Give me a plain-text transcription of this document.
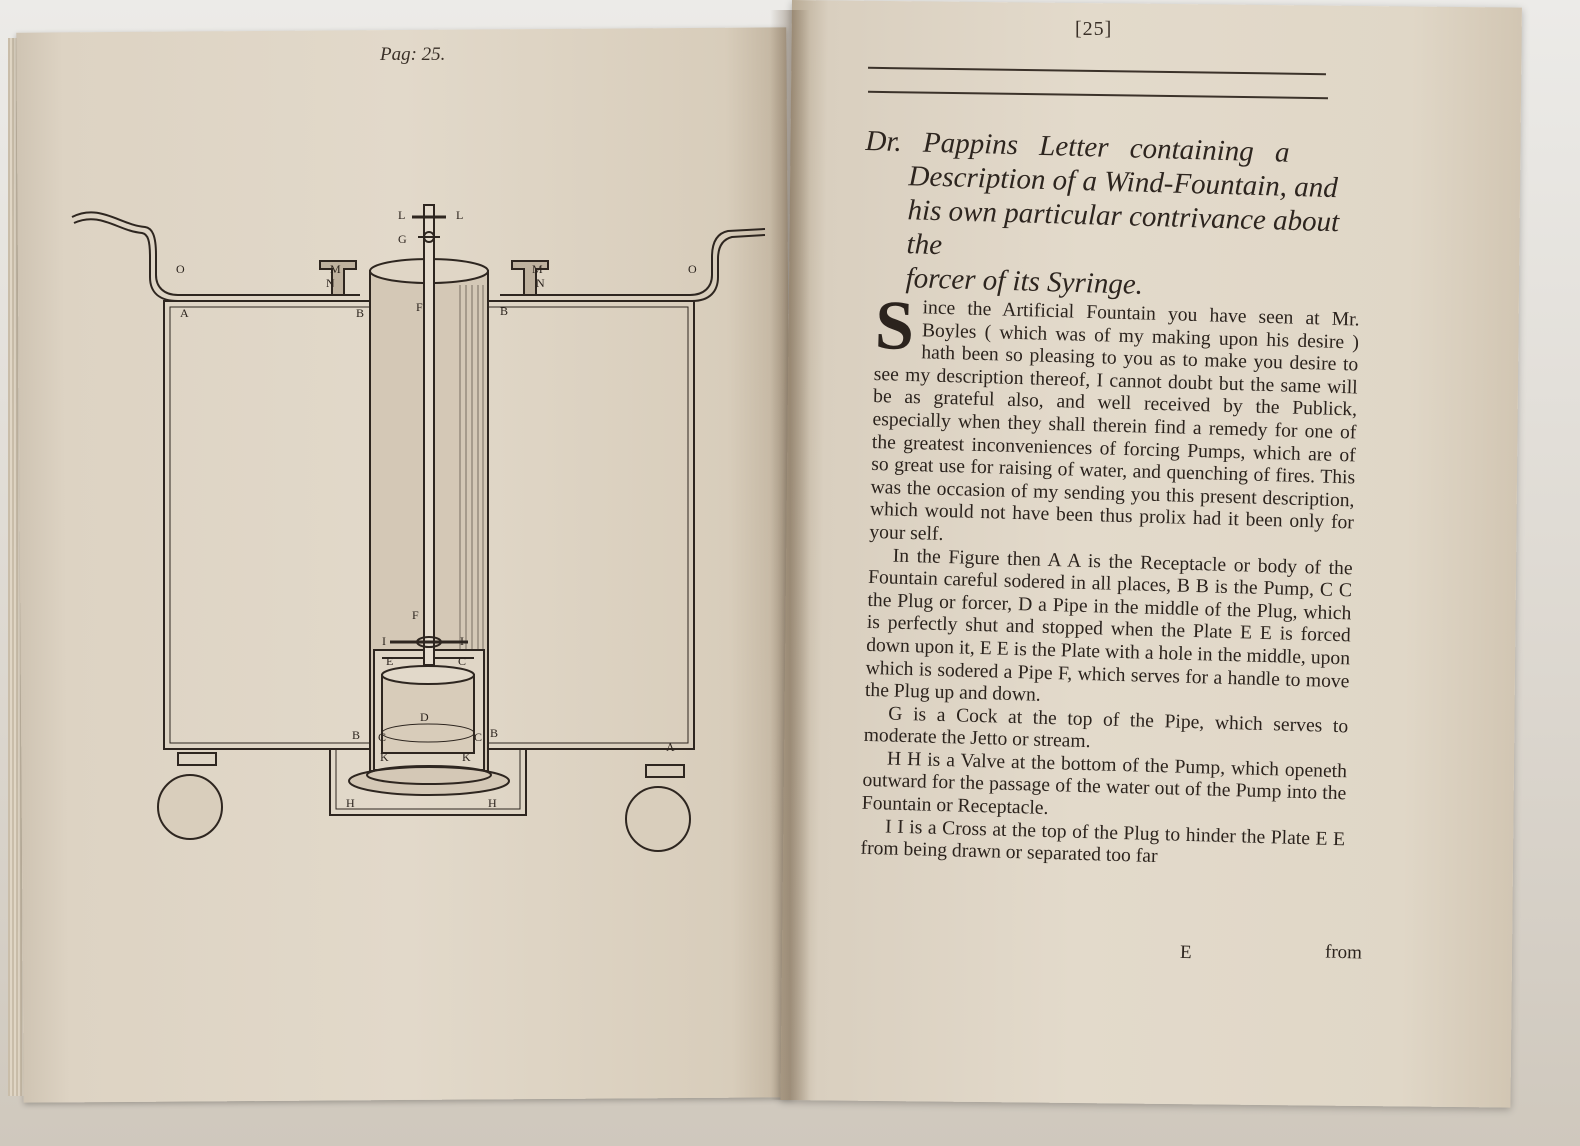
Pag: 25.
L	L
G
O	O
M
N
M
N
A	B	F	B
F
I	I
E	C
D
B C	C B
K	K
A
H	H
[25]
Dr. Pappins Letter containing a
Description of a Wind-Fountain, and
his own particular contrivance about the
forcer of its Syringe.

Since the Artificial Fountain you have seen at Mr. Boyles ( which was of my making upon his desire ) hath been so pleasing to you as to make you desire to see my description thereof, I cannot doubt but the same will be as grateful also, and well received by the Publick, especially when they shall therein find a remedy for one of the greatest inconveniences of forcing Pumps, which are of so great use for raising of water, and quenching of fires. This was the occasion of my sending you this present description, which would not have been thus prolix had it been only for your self.

In the Figure then A A is the Receptacle or body of the Fountain careful sodered in all places, B B is the Pump, C C the Plug or forcer, D a Pipe in the middle of the Plug, which is perfectly shut and stopped when the Plate E E is forced down upon it, E E is the Plate with a hole in the middle, upon which is sodered a Pipe F, which serves for a handle to move the Plug up and down.

G is a Cock at the top of the Pipe, which serves to moderate the Jetto or stream.

H H is a Valve at the bottom of the Pump, which openeth outward for the passage of the water out of the Pump into the Fountain or Receptacle.

I I is a Cross at the top of the Plug to hinder the Plate E E from being drawn or separated too far

E	from
